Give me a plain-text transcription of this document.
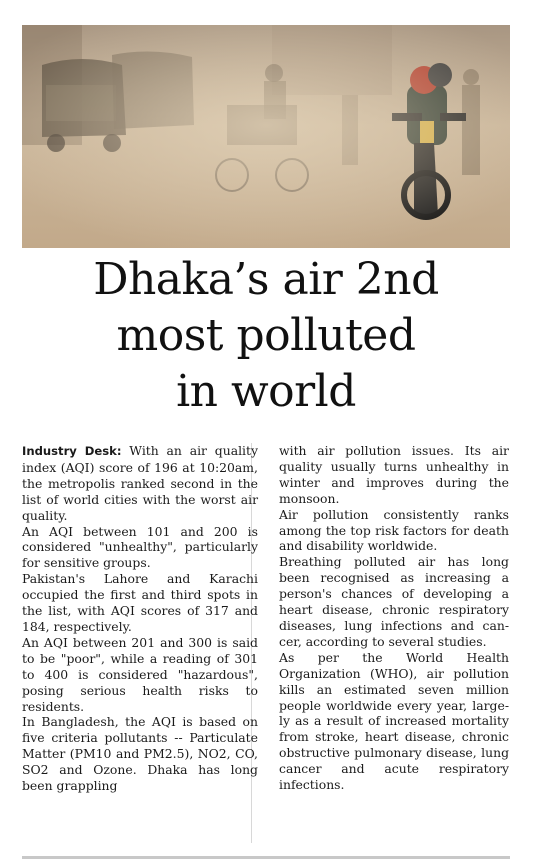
Dhaka’s air 2nd
most polluted
in world

Industry Desk: With an air quality index (AQI) score of 196 at 10:20am, the metropolis ranked second in the list of world cities with the worst air quality.

An AQI between 101 and 200 is considered "unhealthy", particularly for sensitive groups.

Pakistan's Lahore and Karachi occupied the first and third spots in the list, with AQI scores of 317 and 184, respectively.

An AQI between 201 and 300 is said to be "poor", while a reading of 301 to 400 is considered "hazardous", posing serious health risks to residents.

In Bangladesh, the AQI is based on five criteria pollutants -- Particulate Matter (PM10 and PM2.5), NO2, CO, SO2 and Ozone. Dhaka has long been grappling

with air pollution issues. Its air quality usually turns unhealthy in winter and improves during the monsoon.

Air pollution consistently ranks among the top risk factors for death and disability worldwide.

Breathing polluted air has long been recognised as increasing a person's chances of developing a heart disease, chronic respiratory diseases, lung infections and cancer, according to several studies.

As per the World Health Organization (WHO), air pollution kills an estimated seven million people worldwide every year, largely as a result of increased mortality from stroke, heart disease, chronic obstructive pulmonary disease, lung cancer and acute respiratory infections.
